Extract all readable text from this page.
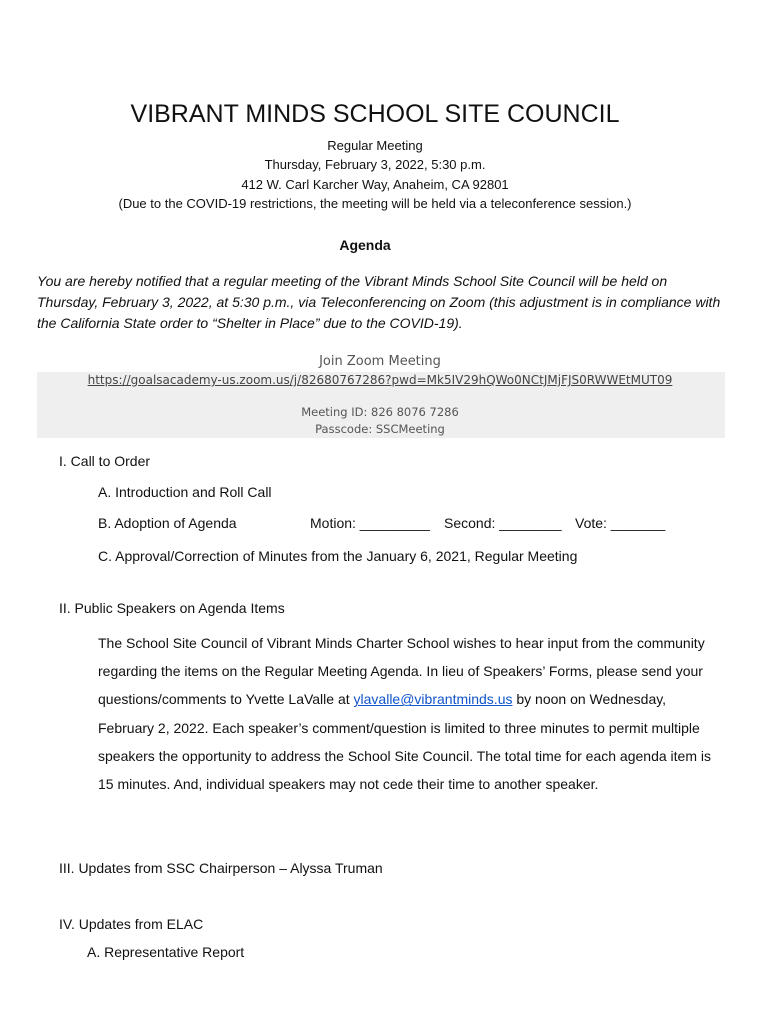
VIBRANT MINDS SCHOOL SITE COUNCIL
Regular Meeting
Thursday, February 3, 2022, 5:30 p.m.
412 W. Carl Karcher Way, Anaheim, CA 92801
(Due to the COVID-19 restrictions, the meeting will be held via a teleconference session.)
Agenda
You are hereby notified that a regular meeting of the Vibrant Minds School Site Council will be held on Thursday, February 3, 2022, at 5:30 p.m., via Teleconferencing on Zoom (this adjustment is in compliance with the California State order to “Shelter in Place” due to the COVID-19).
Join Zoom Meeting
https://goalsacademy-us.zoom.us/j/82680767286?pwd=Mk5IV29hQWo0NCtJMjFJS0RWWEtMUT09
Meeting ID: 826 8076 7286
Passcode: SSCMeeting
I. Call to Order
A. Introduction and Roll Call
B. Adoption of Agenda	Motion: _________ Second: ________ Vote: _______
C. Approval/Correction of Minutes from the January 6, 2021, Regular Meeting
II. Public Speakers on Agenda Items
The School Site Council of Vibrant Minds Charter School wishes to hear input from the community regarding the items on the Regular Meeting Agenda. In lieu of Speakers’ Forms, please send your questions/comments to Yvette LaValle at ylavalle@vibrantminds.us by noon on Wednesday, February 2, 2022. Each speaker’s comment/question is limited to three minutes to permit multiple speakers the opportunity to address the School Site Council. The total time for each agenda item is 15 minutes. And, individual speakers may not cede their time to another speaker.
III. Updates from SSC Chairperson – Alyssa Truman
IV. Updates from ELAC
A. Representative Report
